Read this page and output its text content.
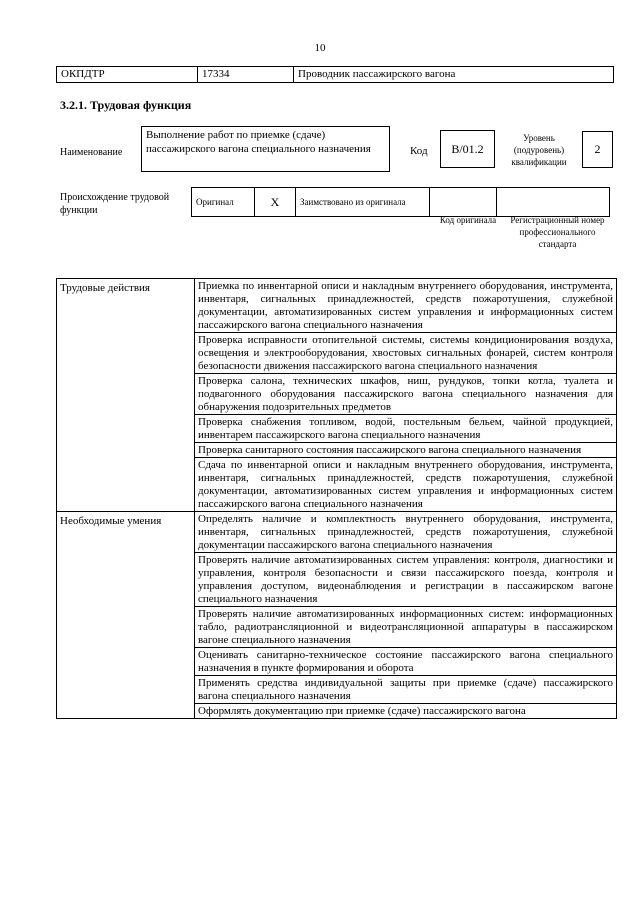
10
ОКПДТР	17334	Проводник пассажирского вагона
3.2.1. Трудовая функция
Наименование
Выполнение работ по приемке (сдаче) пассажирского вагона специального назначения	Код	В/01.2
Уровень (подуровень) квалификации
2
Происхождение трудовой функции
Оригинал	X	Заимствовано из оригинала		
Код оригинала	Регистрационный номер профессионального стандарта
Трудовые действия	Приемка по инвентарной описи и накладным внутреннего оборудования, инструмента, инвентаря, сигнальных принадлежностей, средств пожаротушения, служебной документации, автоматизированных систем управления и информационных систем пассажирского вагона специального назначения
	Проверка исправности отопительной системы, системы кондиционирования воздуха, освещения и электрооборудования, хвостовых сигнальных фонарей, систем контроля безопасности движения пассажирского вагона специального назначения
	Проверка салона, технических шкафов, ниш, рундуков, топки котла, туалета и подвагонного оборудования пассажирского вагона специального назначения для обнаружения подозрительных предметов
	Проверка снабжения топливом, водой, постельным бельем, чайной продукцией, инвентарем пассажирского вагона специального назначения
	Проверка санитарного состояния пассажирского вагона специального назначения
	Сдача по инвентарной описи и накладным внутреннего оборудования, инструмента, инвентаря, сигнальных принадлежностей, средств пожаротушения, служебной документации, автоматизированных систем управления и информационных систем пассажирского вагона специального назначения
Необходимые умения	Определять наличие и комплектность внутреннего оборудования, инструмента, инвентаря, сигнальных принадлежностей, средств пожаротушения, служебной документации пассажирского вагона специального назначения
	Проверять наличие автоматизированных систем управления: контроля, диагностики и управления, контроля безопасности и связи пассажирского поезда, контроля и управления доступом, видеонаблюдения и регистрации в пассажирском вагоне специального назначения
	Проверять наличие автоматизированных информационных систем: информационных табло, радиотрансляционной и видеотрансляционной аппаратуры в пассажирском вагоне специального назначения
	Оценивать санитарно-техническое состояние пассажирского вагона специального назначения в пункте формирования и оборота
	Применять средства индивидуальной защиты при приемке (сдаче) пассажирского вагона специального назначения
	Оформлять документацию при приемке (сдаче) пассажирского вагона
